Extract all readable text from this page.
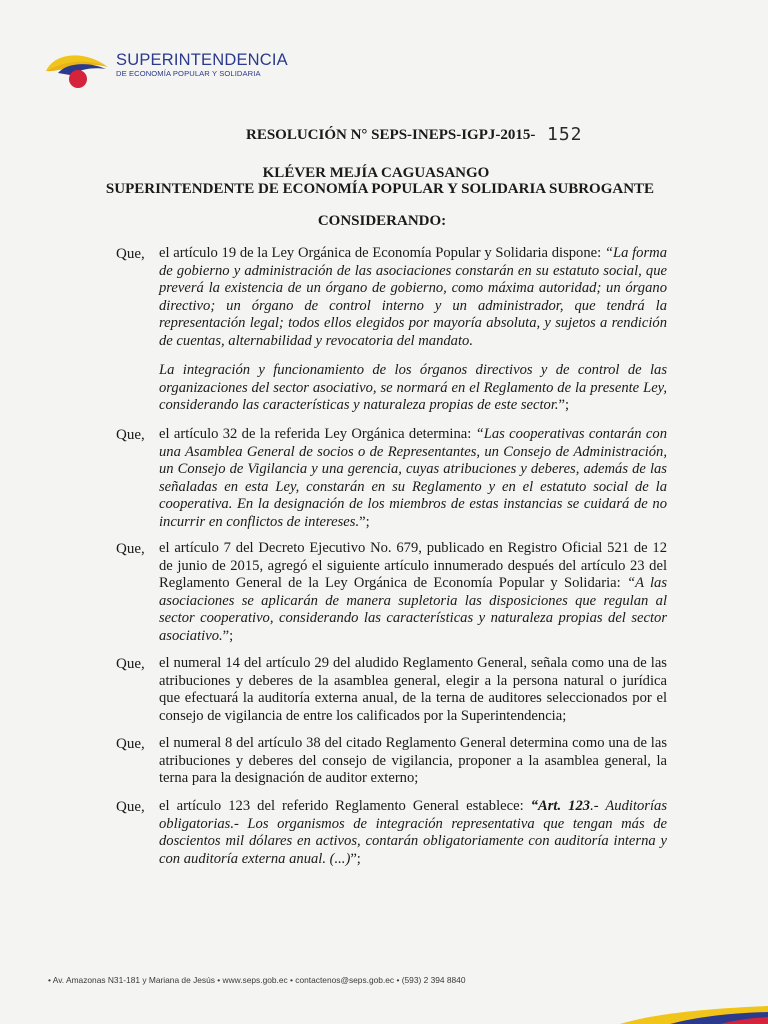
SUPERINTENDENCIA
DE ECONOMÍA POPULAR Y SOLIDARIA
RESOLUCIÓN N° SEPS-INEPS-IGPJ-2015- 152
KLÉVER MEJÍA CAGUASANGO
SUPERINTENDENTE DE ECONOMÍA POPULAR Y SOLIDARIA SUBROGANTE
CONSIDERANDO:
Que, el artículo 19 de la Ley Orgánica de Economía Popular y Solidaria dispone: “La forma de gobierno y administración de las asociaciones constarán en su estatuto social, que preverá la existencia de un órgano de gobierno, como máxima autoridad; un órgano directivo; un órgano de control interno y un administrador, que tendrá la representación legal; todos ellos elegidos por mayoría absoluta, y sujetos a rendición de cuentas, alternabilidad y revocatoria del mandato.
La integración y funcionamiento de los órganos directivos y de control de las organizaciones del sector asociativo, se normará en el Reglamento de la presente Ley, considerando las características y naturaleza propias de este sector.”;
Que, el artículo 32 de la referida Ley Orgánica determina: “Las cooperativas contarán con una Asamblea General de socios o de Representantes, un Consejo de Administración, un Consejo de Vigilancia y una gerencia, cuyas atribuciones y deberes, además de las señaladas en esta Ley, constarán en su Reglamento y en el estatuto social de la cooperativa. En la designación de los miembros de estas instancias se cuidará de no incurrir en conflictos de intereses.”;
Que, el artículo 7 del Decreto Ejecutivo No. 679, publicado en Registro Oficial 521 de 12 de junio de 2015, agregó el siguiente artículo innumerado después del artículo 23 del Reglamento General de la Ley Orgánica de Economía Popular y Solidaria: “A las asociaciones se aplicarán de manera supletoria las disposiciones que regulan al sector cooperativo, considerando las características y naturaleza propias del sector asociativo.”;
Que, el numeral 14 del artículo 29 del aludido Reglamento General, señala como una de las atribuciones y deberes de la asamblea general, elegir a la persona natural o jurídica que efectuará la auditoría externa anual, de la terna de auditores seleccionados por el consejo de vigilancia de entre los calificados por la Superintendencia;
Que, el numeral 8 del artículo 38 del citado Reglamento General determina como una de las atribuciones y deberes del consejo de vigilancia, proponer a la asamblea general, la terna para la designación de auditor externo;
Que, el artículo 123 del referido Reglamento General establece: “Art. 123.- Auditorías obligatorias.- Los organismos de integración representativa que tengan más de doscientos mil dólares en activos, contarán obligatoriamente con auditoría interna y con auditoría externa anual. (...)”;
• Av. Amazonas N31-181 y Mariana de Jesús • www.seps.gob.ec • contactenos@seps.gob.ec • (593) 2 394 8840
